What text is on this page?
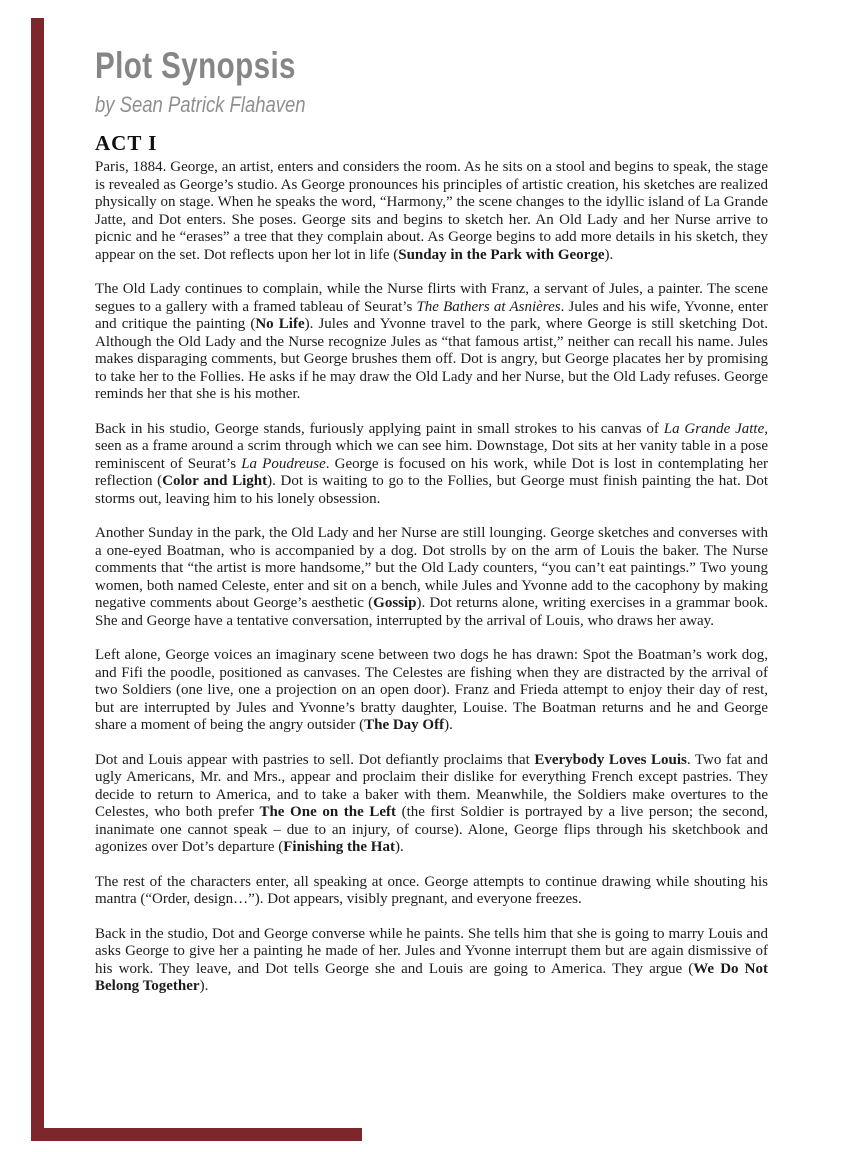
Plot Synopsis
by Sean Patrick Flahaven
ACT I

Paris, 1884. George, an artist, enters and considers the room. As he sits on a stool and begins to speak, the stage is revealed as George’s studio. As George pronounces his principles of artistic creation, his sketches are realized physically on stage. When he speaks the word, “Harmony,” the scene changes to the idyllic island of La Grande Jatte, and Dot enters. She poses. George sits and begins to sketch her. An Old Lady and her Nurse arrive to picnic and he “erases” a tree that they complain about. As George begins to add more details in his sketch, they appear on the set. Dot reflects upon her lot in life (Sunday in the Park with George).

The Old Lady continues to complain, while the Nurse flirts with Franz, a servant of Jules, a painter. The scene segues to a gallery with a framed tableau of Seurat’s The Bathers at Asnières. Jules and his wife, Yvonne, enter and critique the painting (No Life). Jules and Yvonne travel to the park, where George is still sketching Dot. Although the Old Lady and the Nurse recognize Jules as “that famous artist,” neither can recall his name. Jules makes disparaging comments, but George brushes them off. Dot is angry, but George placates her by promising to take her to the Follies. He asks if he may draw the Old Lady and her Nurse, but the Old Lady refuses. George reminds her that she is his mother.

Back in his studio, George stands, furiously applying paint in small strokes to his canvas of La Grande Jatte, seen as a frame around a scrim through which we can see him. Downstage, Dot sits at her vanity table in a pose reminiscent of Seurat’s La Poudreuse. George is focused on his work, while Dot is lost in contemplating her reflection (Color and Light). Dot is waiting to go to the Follies, but George must finish painting the hat. Dot storms out, leaving him to his lonely obsession.

Another Sunday in the park, the Old Lady and her Nurse are still lounging. George sketches and converses with a one-eyed Boatman, who is accompanied by a dog. Dot strolls by on the arm of Louis the baker. The Nurse comments that “the artist is more handsome,” but the Old Lady counters, “you can’t eat paintings.” Two young women, both named Celeste, enter and sit on a bench, while Jules and Yvonne add to the cacophony by making negative comments about George’s aesthetic (Gossip). Dot returns alone, writing exercises in a grammar book. She and George have a tentative conversation, interrupted by the arrival of Louis, who draws her away.

Left alone, George voices an imaginary scene between two dogs he has drawn: Spot the Boatman’s work dog, and Fifi the poodle, positioned as canvases. The Celestes are fishing when they are distracted by the arrival of two Soldiers (one live, one a projection on an open door). Franz and Frieda attempt to enjoy their day of rest, but are interrupted by Jules and Yvonne’s bratty daughter, Louise. The Boatman returns and he and George share a moment of being the angry outsider (The Day Off).

Dot and Louis appear with pastries to sell. Dot defiantly proclaims that Everybody Loves Louis. Two fat and ugly Americans, Mr. and Mrs., appear and proclaim their dislike for everything French except pastries. They decide to return to America, and to take a baker with them. Meanwhile, the Soldiers make overtures to the Celestes, who both prefer The One on the Left (the first Soldier is portrayed by a live person; the second, inanimate one cannot speak – due to an injury, of course). Alone, George flips through his sketchbook and agonizes over Dot’s departure (Finishing the Hat).

The rest of the characters enter, all speaking at once. George attempts to continue drawing while shouting his mantra (“Order, design…”). Dot appears, visibly pregnant, and everyone freezes.

Back in the studio, Dot and George converse while he paints. She tells him that she is going to marry Louis and asks George to give her a painting he made of her. Jules and Yvonne interrupt them but are again dismissive of his work. They leave, and Dot tells George she and Louis are going to America. They argue (We Do Not Belong Together).
